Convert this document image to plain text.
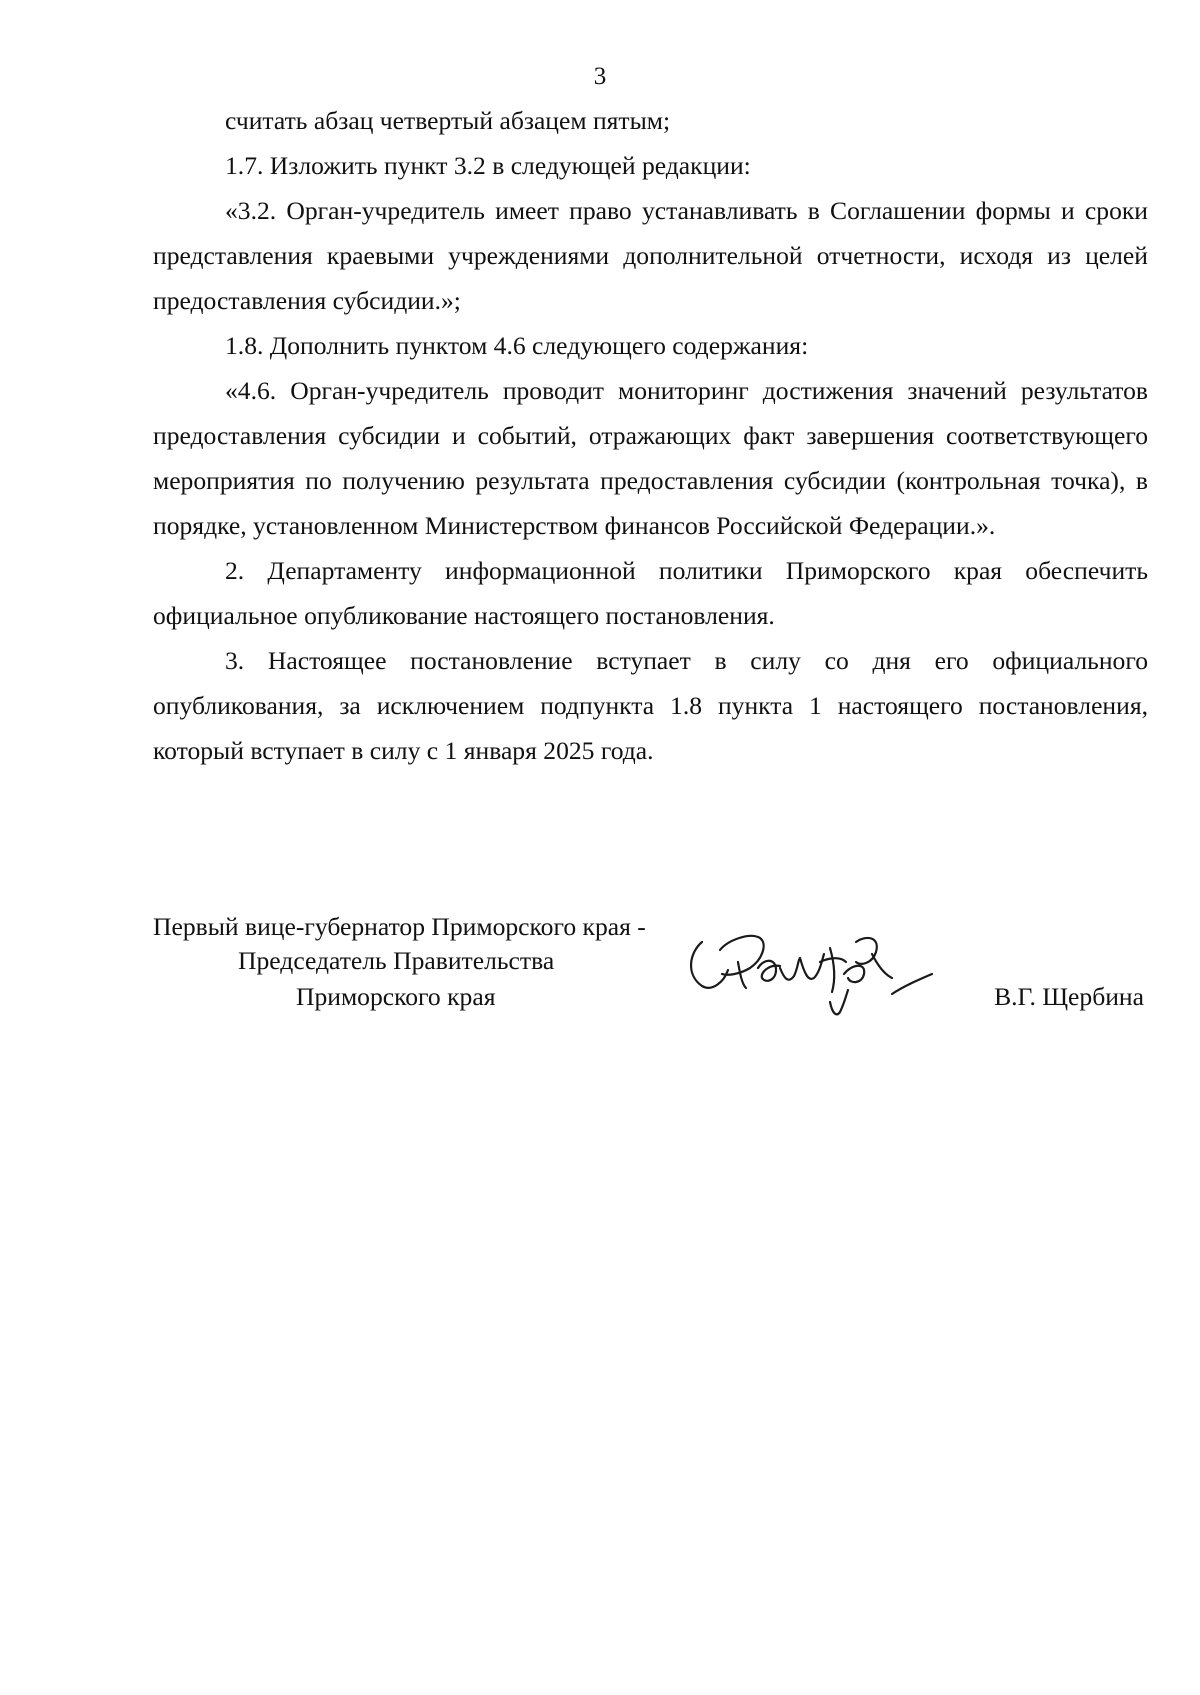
3

считать абзац четвертый абзацем пятым;

1.7. Изложить пункт 3.2 в следующей редакции:

«3.2. Орган-учредитель имеет право устанавливать в Соглашении формы и сроки представления краевыми учреждениями дополнительной отчетности, исходя из целей предоставления субсидии.»;

1.8. Дополнить пунктом 4.6 следующего содержания:

«4.6. Орган-учредитель проводит мониторинг достижения значений результатов предоставления субсидии и событий, отражающих факт завершения соответствующего мероприятия по получению результата предоставления субсидии (контрольная точка), в порядке, установленном Министерством финансов Российской Федерации.».

2. Департаменту информационной политики Приморского края обеспечить официальное опубликование настоящего постановления.

3. Настоящее постановление вступает в силу со дня его официального опубликования, за исключением подпункта 1.8 пункта 1 настоящего постановления, который вступает в силу с 1 января 2025 года.

Первый вице-губернатор Приморского края -
Председатель Правительства
Приморского края	В.Г. Щербина
